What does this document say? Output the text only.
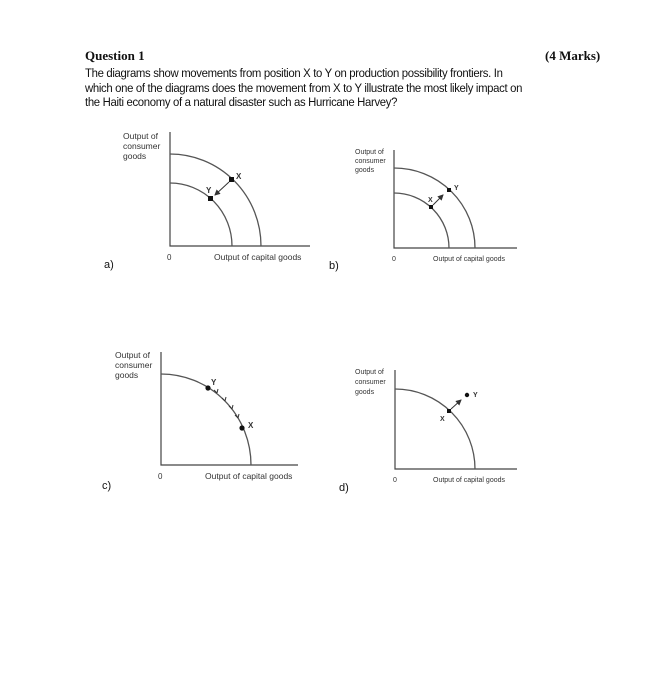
Question 1	(4 Marks)
The diagrams show movements from position X to Y on production possibility frontiers. In which one of the diagrams does the movement from X to Y illustrate the most likely impact on the Haiti economy of a natural disaster such as Hurricane Harvey?
Output of
consumer
goods
X
Y
0	Output of capital goods
a)
Output of
consumer
goods
X
Y
0	Output of capital goods
b)
Output of
consumer
goods
Y
X
0	Output of capital goods
c)
Output of
consumer
goods
X
Y
0	Output of capital goods
d)
